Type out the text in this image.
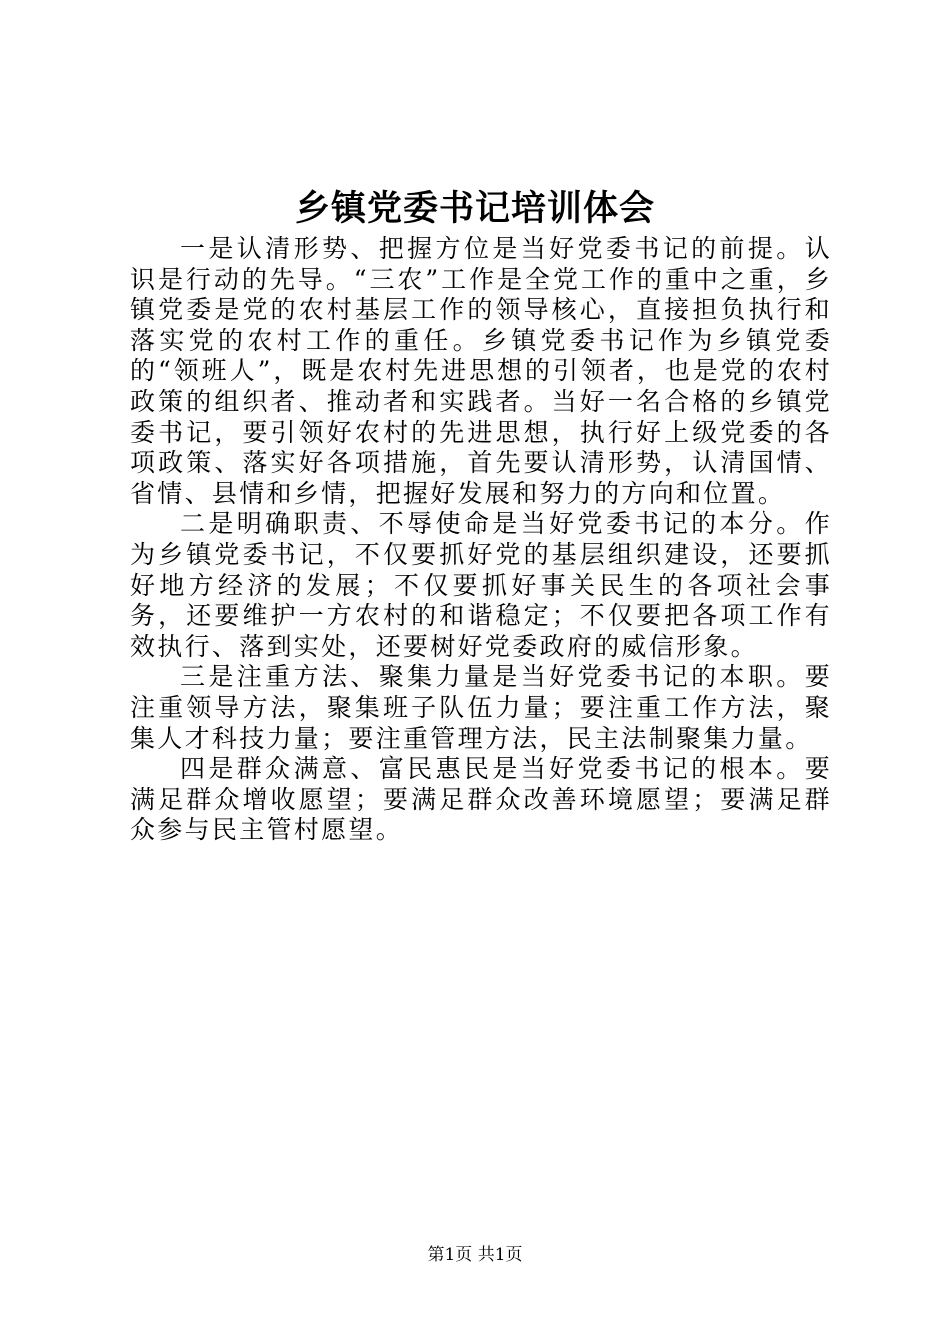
乡镇党委书记培训体会

一是认清形势、把握方位是当好党委书记的前提。认识是行动的先导。“三农”工作是全党工作的重中之重，乡镇党委是党的农村基层工作的领导核心，直接担负执行和落实党的农村工作的重任。乡镇党委书记作为乡镇党委的“领班人”，既是农村先进思想的引领者，也是党的农村政策的组织者、推动者和实践者。当好一名合格的乡镇党委书记，要引领好农村的先进思想，执行好上级党委的各项政策、落实好各项措施，首先要认清形势，认清国情、省情、县情和乡情，把握好发展和努力的方向和位置。

二是明确职责、不辱使命是当好党委书记的本分。作为乡镇党委书记，不仅要抓好党的基层组织建设，还要抓好地方经济的发展；不仅要抓好事关民生的各项社会事务，还要维护一方农村的和谐稳定；不仅要把各项工作有效执行、落到实处，还要树好党委政府的威信形象。

三是注重方法、聚集力量是当好党委书记的本职。要注重领导方法，聚集班子队伍力量；要注重工作方法，聚集人才科技力量；要注重管理方法，民主法制聚集力量。

四是群众满意、富民惠民是当好党委书记的根本。要满足群众增收愿望；要满足群众改善环境愿望；要满足群众参与民主管村愿望。

第1页 共1页
